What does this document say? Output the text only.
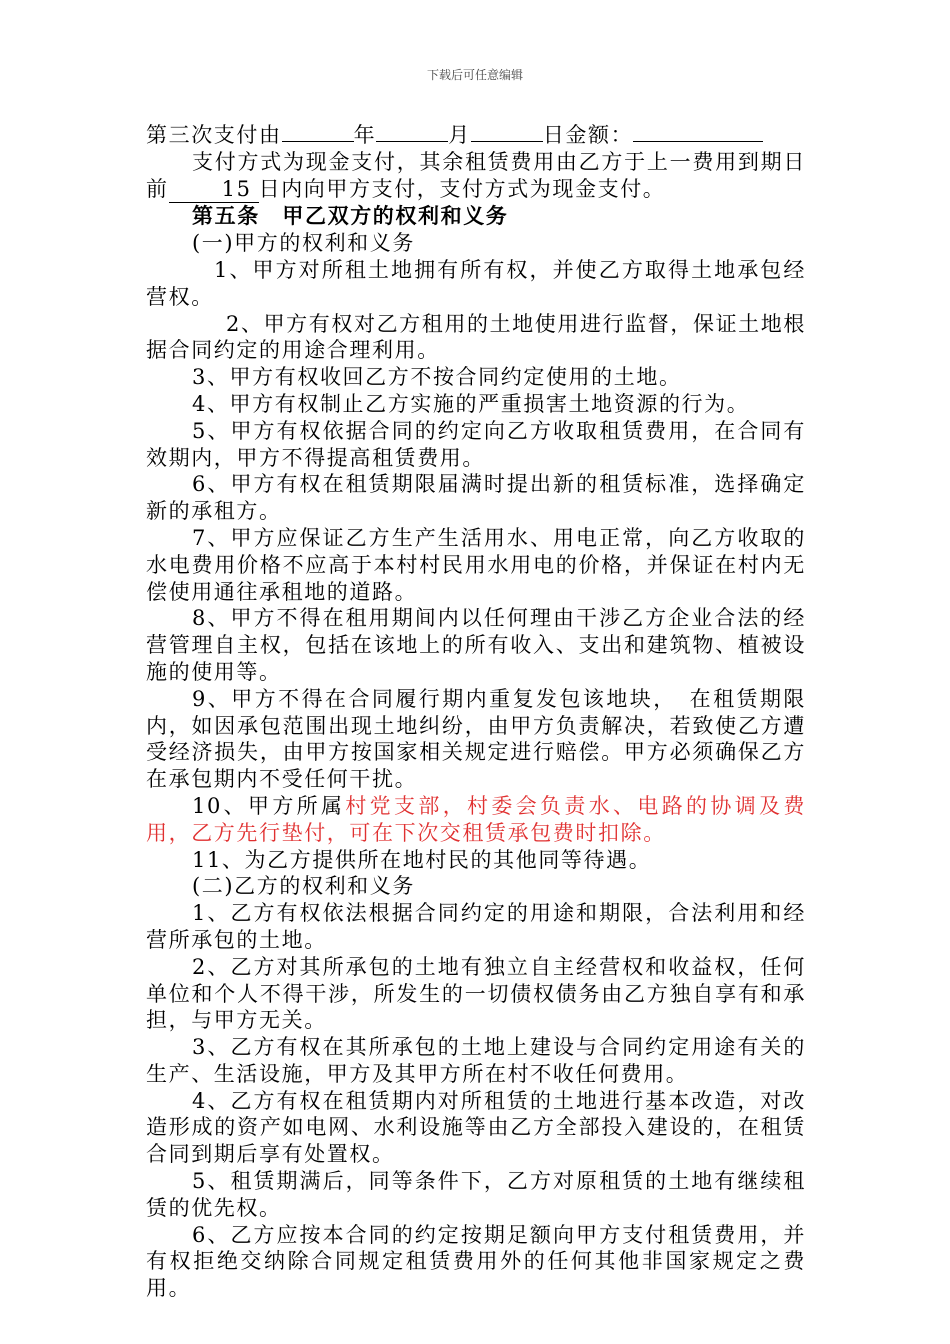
下载后可任意编辑

第三次支付由	年	月	日金额：

支付方式为现金支付，其余租赁费用由乙方于上一费用到期日前	15 日内向甲方支付，支付方式为现金支付。

第五条　甲乙双方的权利和义务

(一)甲方的权利和义务

1、甲方对所租土地拥有所有权，并使乙方取得土地承包经营权。

2、甲方有权对乙方租用的土地使用进行监督，保证土地根据合同约定的用途合理利用。

3、甲方有权收回乙方不按合同约定使用的土地。

4、甲方有权制止乙方实施的严重损害土地资源的行为。

5、甲方有权依据合同的约定向乙方收取租赁费用，在合同有效期内，甲方不得提高租赁费用。

6、甲方有权在租赁期限届满时提出新的租赁标准，选择确定新的承租方。

7、甲方应保证乙方生产生活用水、用电正常，向乙方收取的水电费用价格不应高于本村村民用水用电的价格，并保证在村内无偿使用通往承租地的道路。

8、甲方不得在租用期间内以任何理由干涉乙方企业合法的经营管理自主权，包括在该地上的所有收入、支出和建筑物、植被设施的使用等。

9、甲方不得在合同履行期内重复发包该地块，　在租赁期限内，如因承包范围出现土地纠纷，由甲方负责解决，若致使乙方遭受经济损失，由甲方按国家相关规定进行赔偿。甲方必须确保乙方在承包期内不受任何干扰。

10、甲方所属村党支部，村委会负责水、电路的协调及费用，乙方先行垫付，可在下次交租赁承包费时扣除。

11、为乙方提供所在地村民的其他同等待遇。

(二)乙方的权利和义务

1、乙方有权依法根据合同约定的用途和期限，合法利用和经营所承包的土地。

2、乙方对其所承包的土地有独立自主经营权和收益权，任何单位和个人不得干涉，所发生的一切债权债务由乙方独自享有和承担，与甲方无关。

3、乙方有权在其所承包的土地上建设与合同约定用途有关的生产、生活设施，甲方及其甲方所在村不收任何费用。

4、乙方有权在租赁期内对所租赁的土地进行基本改造，对改造形成的资产如电网、水利设施等由乙方全部投入建设的，在租赁合同到期后享有处置权。

5、租赁期满后，同等条件下，乙方对原租赁的土地有继续租赁的优先权。

6、乙方应按本合同的约定按期足额向甲方支付租赁费用，并有权拒绝交纳除合同规定租赁费用外的任何其他非国家规定之费用。
